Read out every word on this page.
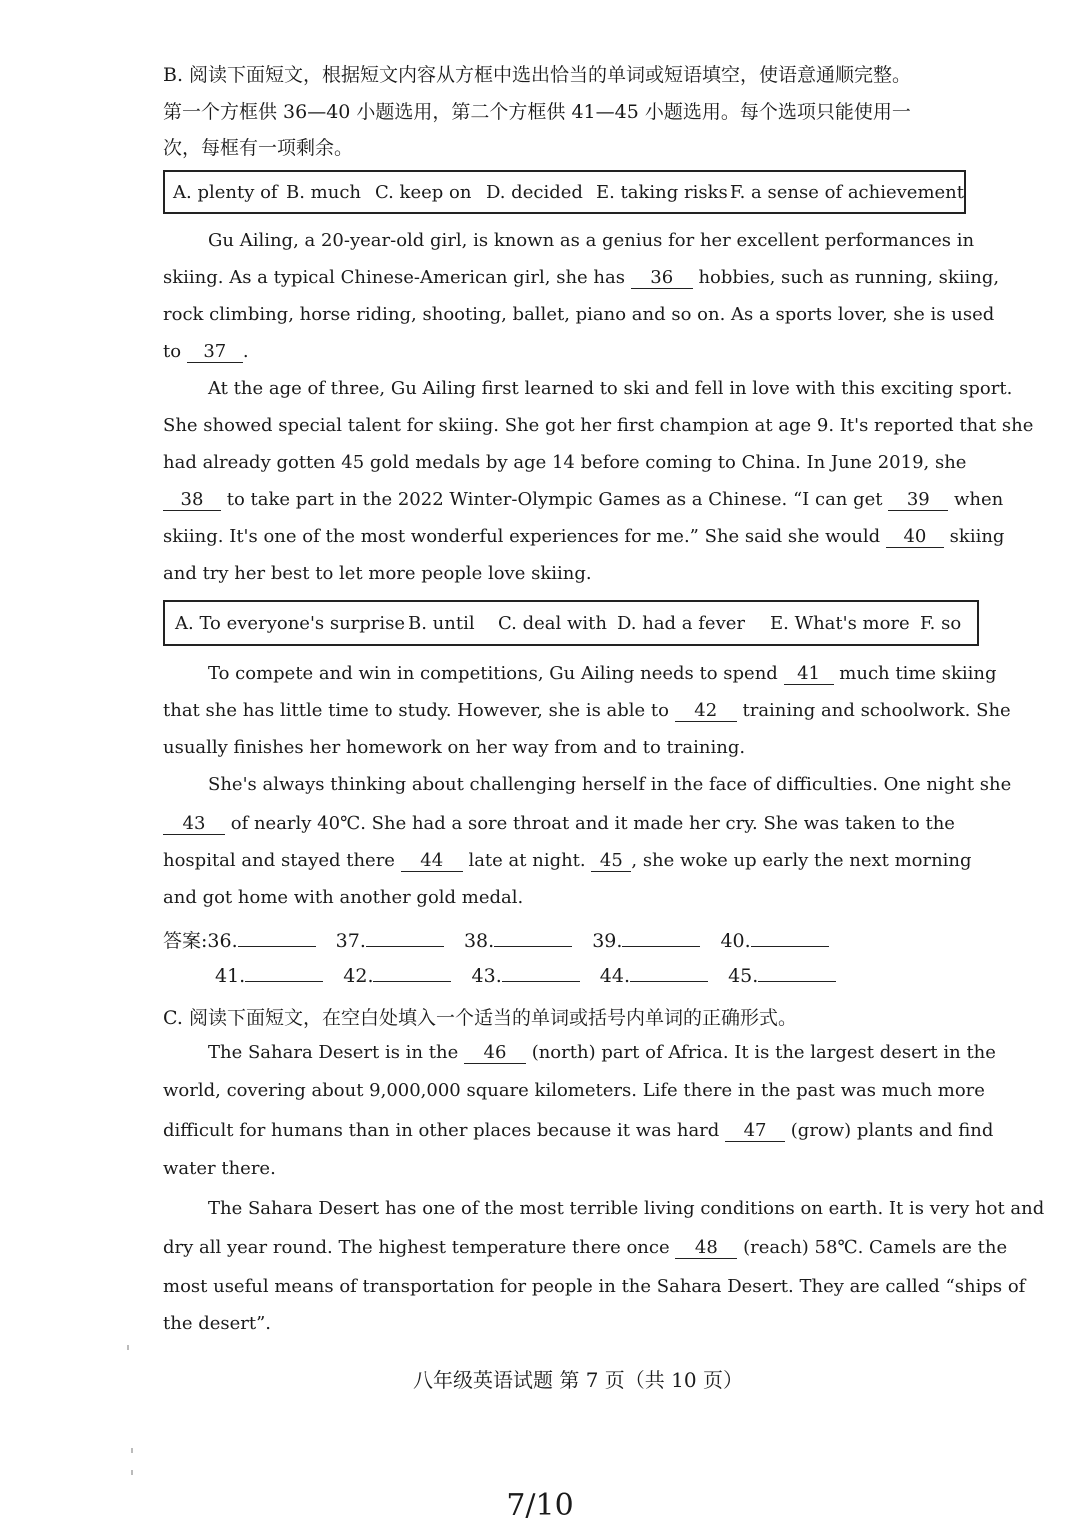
B. 阅读下面短文，根据短文内容从方框中选出恰当的单词或短语填空，使语意通顺完整。
第一个方框供 36—40 小题选用，第二个方框供 41—45 小题选用。每个选项只能使用一
次，每框有一项剩余。
A. plenty of B. much C. keep on D. decided E. taking risks F. a sense of achievement
Gu Ailing, a 20-year-old girl, is known as a genius for her excellent performances in
skiing. As a typical Chinese-American girl, she has 36 hobbies, such as running, skiing,
rock climbing, horse riding, shooting, ballet, piano and so on. As a sports lover, she is used
to 37 .
At the age of three, Gu Ailing first learned to ski and fell in love with this exciting sport.
She showed special talent for skiing. She got her first champion at age 9. It's reported that she
had already gotten 45 gold medals by age 14 before coming to China. In June 2019, she
38 to take part in the 2022 Winter-Olympic Games as a Chinese. “I can get 39 when
skiing. It's one of the most wonderful experiences for me.” She said she would 40 skiing
and try her best to let more people love skiing.
A. To everyone's surprise B. until	C. deal with D. had a fever	E. What's more F. so
To compete and win in competitions, Gu Ailing needs to spend 41 much time skiing
that she has little time to study. However, she is able to 42 training and schoolwork. She
usually finishes her homework on her way from and to training.
She's always thinking about challenging herself in the face of difficulties. One night she
43 of nearly 40℃. She had a sore throat and it made her cry. She was taken to the
hospital and stayed there 44 late at night. 45 , she woke up early the next morning
and got home with another gold medal.
答案:36.	37.	38.	39.	40.
41.	42.	43.	44.	45.
C. 阅读下面短文，在空白处填入一个适当的单词或括号内单词的正确形式。
The Sahara Desert is in the 46 (north) part of Africa. It is the largest desert in the
world, covering about 9,000,000 square kilometers. Life there in the past was much more
difficult for humans than in other places because it was hard 47 (grow) plants and find
water there.
The Sahara Desert has one of the most terrible living conditions on earth. It is very hot and
dry all year round. The highest temperature there once 48 (reach) 58℃. Camels are the
most useful means of transportation for people in the Sahara Desert. They are called “ships of
the desert”.
八年级英语试题 第 7 页（共 10 页）
7/10
